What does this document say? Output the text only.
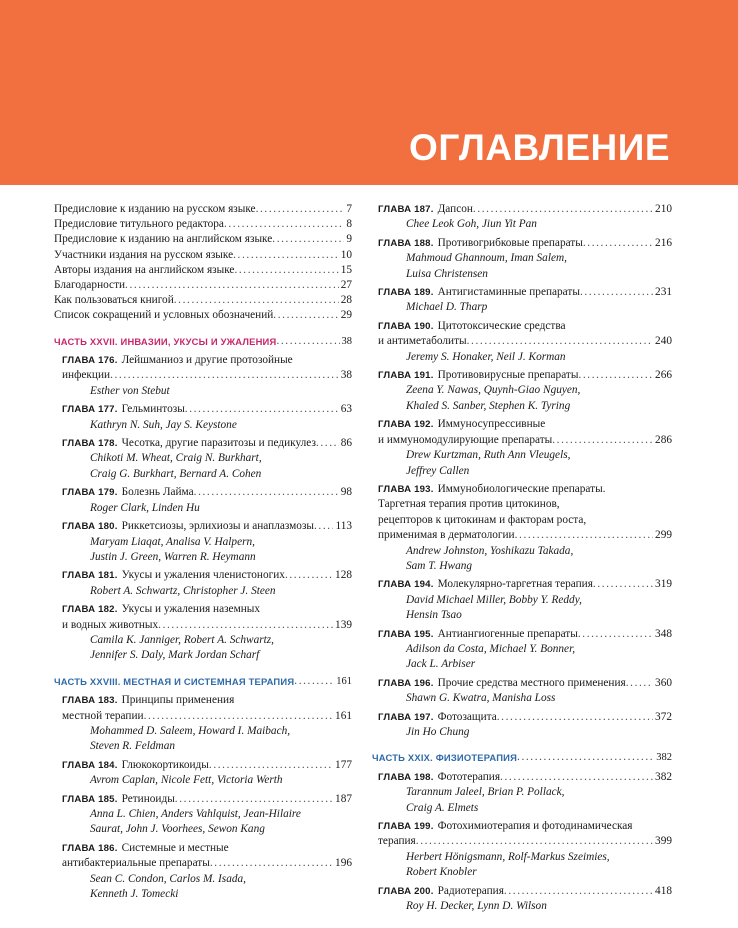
ОГЛАВЛЕНИЕ
Предисловие к изданию на русском языке .....	7
Предисловие титульного редактора .....	8
Предисловие к изданию на английском языке .....	9
Участники издания на русском языке .....	10
Авторы издания на английском языке .....	15
Благодарности .....	27
Как пользоваться книгой .....	28
Список сокращений и условных обозначений .....	29
ЧАСТЬ XXVII. ИНВАЗИИ, УКУСЫ И УЖАЛЕНИЯ .....	38
ГЛАВА 176. Лейшманиоз и другие протозойные
инфекции .....	38
Esther von Stebut
ГЛАВА 177. Гельминтозы .....	63
Kathryn N. Suh, Jay S. Keystone
ГЛАВА 178. Чесотка, другие паразитозы и педикулез ..... 86
Chikoti M. Wheat, Craig N. Burkhart,
Craig G. Burkhart, Bernard A. Cohen
ГЛАВА 179. Болезнь Лайма .....	98
Roger Clark, Linden Hu
ГЛАВА 180. Риккетсиозы, эрлихиозы и анаплазмозы ..... 113
Maryam Liaqat, Analisa V. Halpern,
Justin J. Green, Warren R. Heymann
ГЛАВА 181. Укусы и ужаления членистоногих .....	128
Robert A. Schwartz, Christopher J. Steen
ГЛАВА 182. Укусы и ужаления наземных
и водных животных .....	139
Camila K. Janniger, Robert A. Schwartz,
Jennifer S. Daly, Mark Jordan Scharf
ЧАСТЬ XXVIII. МЕСТНАЯ И СИСТЕМНАЯ ТЕРАПИЯ .....	161
ГЛАВА 183. Принципы применения
местной терапии .....	161
Mohammed D. Saleem, Howard I. Maibach,
Steven R. Feldman
ГЛАВА 184. Глюкокортикоиды .....	177
Avrom Caplan, Nicole Fett, Victoria Werth
ГЛАВА 185. Ретиноиды .....	187
Anna L. Chien, Anders Vahlquist, Jean-Hilaire
Saurat, John J. Voorhees, Sewon Kang
ГЛАВА 186. Системные и местные
антибактериальные препараты .....	196
Sean C. Condon, Carlos M. Isada,
Kenneth J. Tomecki
ГЛАВА 187. Дапсон .....	210
Chee Leok Goh, Jiun Yit Pan
ГЛАВА 188. Противогрибковые препараты .....	216
Mahmoud Ghannoum, Iman Salem,
Luisa Christensen
ГЛАВА 189. Антигистаминные препараты .....	231
Michael D. Tharp
ГЛАВА 190. Цитотоксические средства
и антиметаболиты .....	240
Jeremy S. Honaker, Neil J. Korman
ГЛАВА 191. Противовирусные препараты .....	266
Zeena Y. Nawas, Quynh-Giao Nguyen,
Khaled S. Sanber, Stephen K. Tyring
ГЛАВА 192. Иммуносупрессивные
и иммуномодулирующие препараты .....	286
Drew Kurtzman, Ruth Ann Vleugels,
Jeffrey Callen
ГЛАВА 193. Иммунобиологические препараты.
Таргетная терапия против цитокинов,
рецепторов к цитокинам и факторам роста,
применимая в дерматологии .....	299
Andrew Johnston, Yoshikazu Takada,
Sam T. Hwang
ГЛАВА 194. Молекулярно-таргетная терапия .....	319
David Michael Miller, Bobby Y. Reddy,
Hensin Tsao
ГЛАВА 195. Антиангиогенные препараты .....	348
Adilson da Costa, Michael Y. Bonner,
Jack L. Arbiser
ГЛАВА 196. Прочие средства местного применения .....	360
Shawn G. Kwatra, Manisha Loss
ГЛАВА 197. Фотозащита .....	372
Jin Ho Chung
ЧАСТЬ XXIX. ФИЗИОТЕРАПИЯ .....	382
ГЛАВА 198. Фототерапия .....	382
Tarannum Jaleel, Brian P. Pollack,
Craig A. Elmets
ГЛАВА 199. Фотохимиотерапия и фотодинамическая
терапия .....	399
Herbert Hönigsmann, Rolf-Markus Szeimies,
Robert Knobler
ГЛАВА 200. Радиотерапия .....	418
Roy H. Decker, Lynn D. Wilson
